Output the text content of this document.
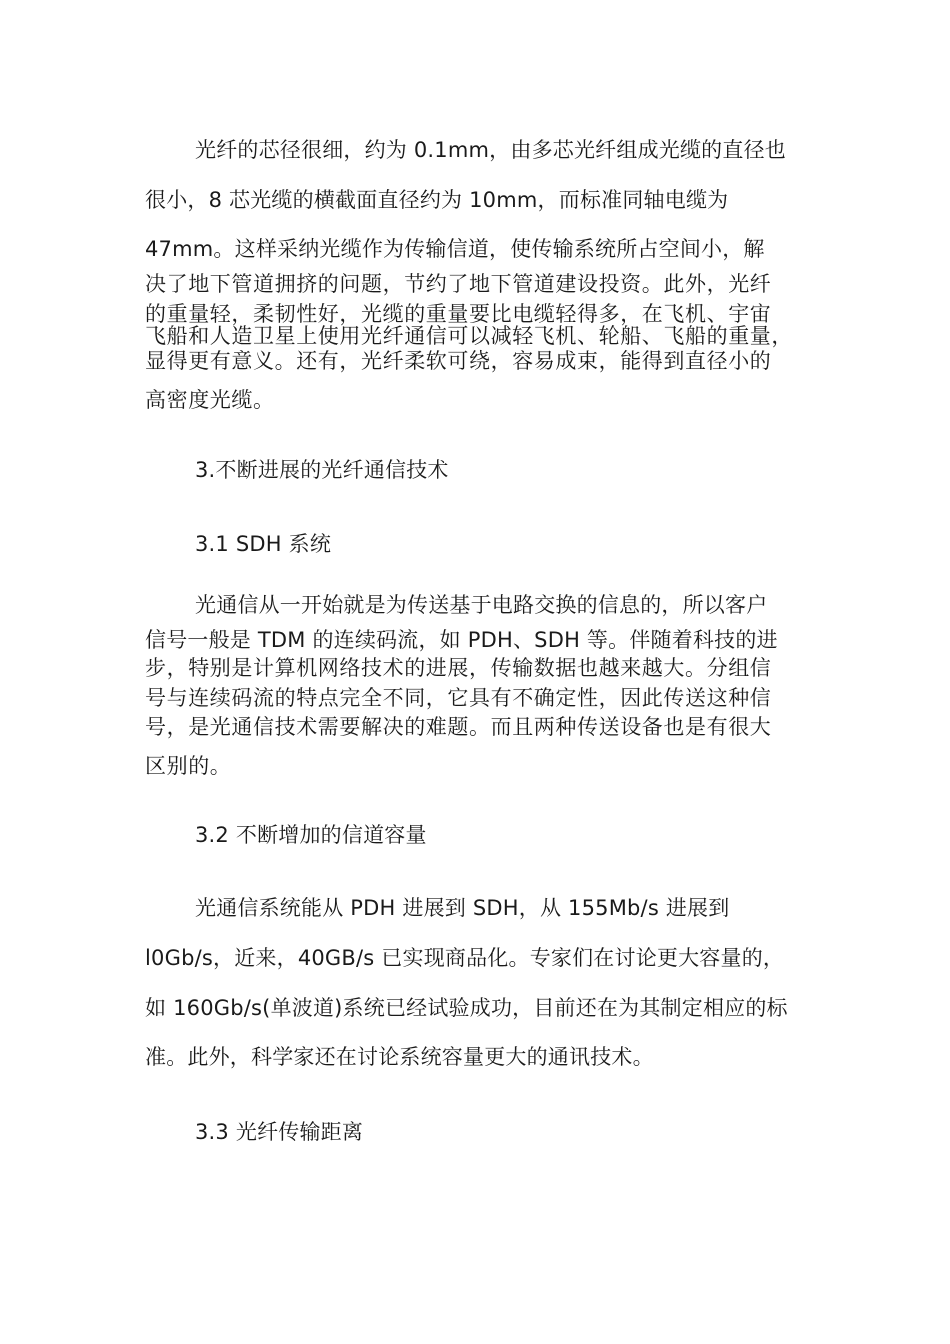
光纤的芯径很细，约为 0.1mm，由多芯光纤组成光缆的直径也
很小，8 芯光缆的横截面直径约为 10mm，而标准同轴电缆为
47mm。这样采纳光缆作为传输信道，使传输系统所占空间小，解
决了地下管道拥挤的问题，节约了地下管道建设投资。此外，光纤
的重量轻，柔韧性好，光缆的重量要比电缆轻得多，在飞机、宇宙
飞船和人造卫星上使用光纤通信可以减轻飞机、轮船、飞船的重量，
显得更有意义。还有，光纤柔软可绕，容易成束，能得到直径小的
高密度光缆。
3.不断进展的光纤通信技术
3.1 SDH 系统
光通信从一开始就是为传送基于电路交换的信息的，所以客户
信号一般是 TDM 的连续码流，如 PDH、SDH 等。伴随着科技的进
步，特别是计算机网络技术的进展，传输数据也越来越大。分组信
号与连续码流的特点完全不同，它具有不确定性，因此传送这种信
号，是光通信技术需要解决的难题。而且两种传送设备也是有很大
区别的。
3.2 不断增加的信道容量
光通信系统能从 PDH 进展到 SDH，从 155Mb/s 进展到
l0Gb/s，近来，40GB/s 已实现商品化。专家们在讨论更大容量的，
如 160Gb/s(单波道)系统已经试验成功，目前还在为其制定相应的标
准。此外，科学家还在讨论系统容量更大的通讯技术。
3.3 光纤传输距离
